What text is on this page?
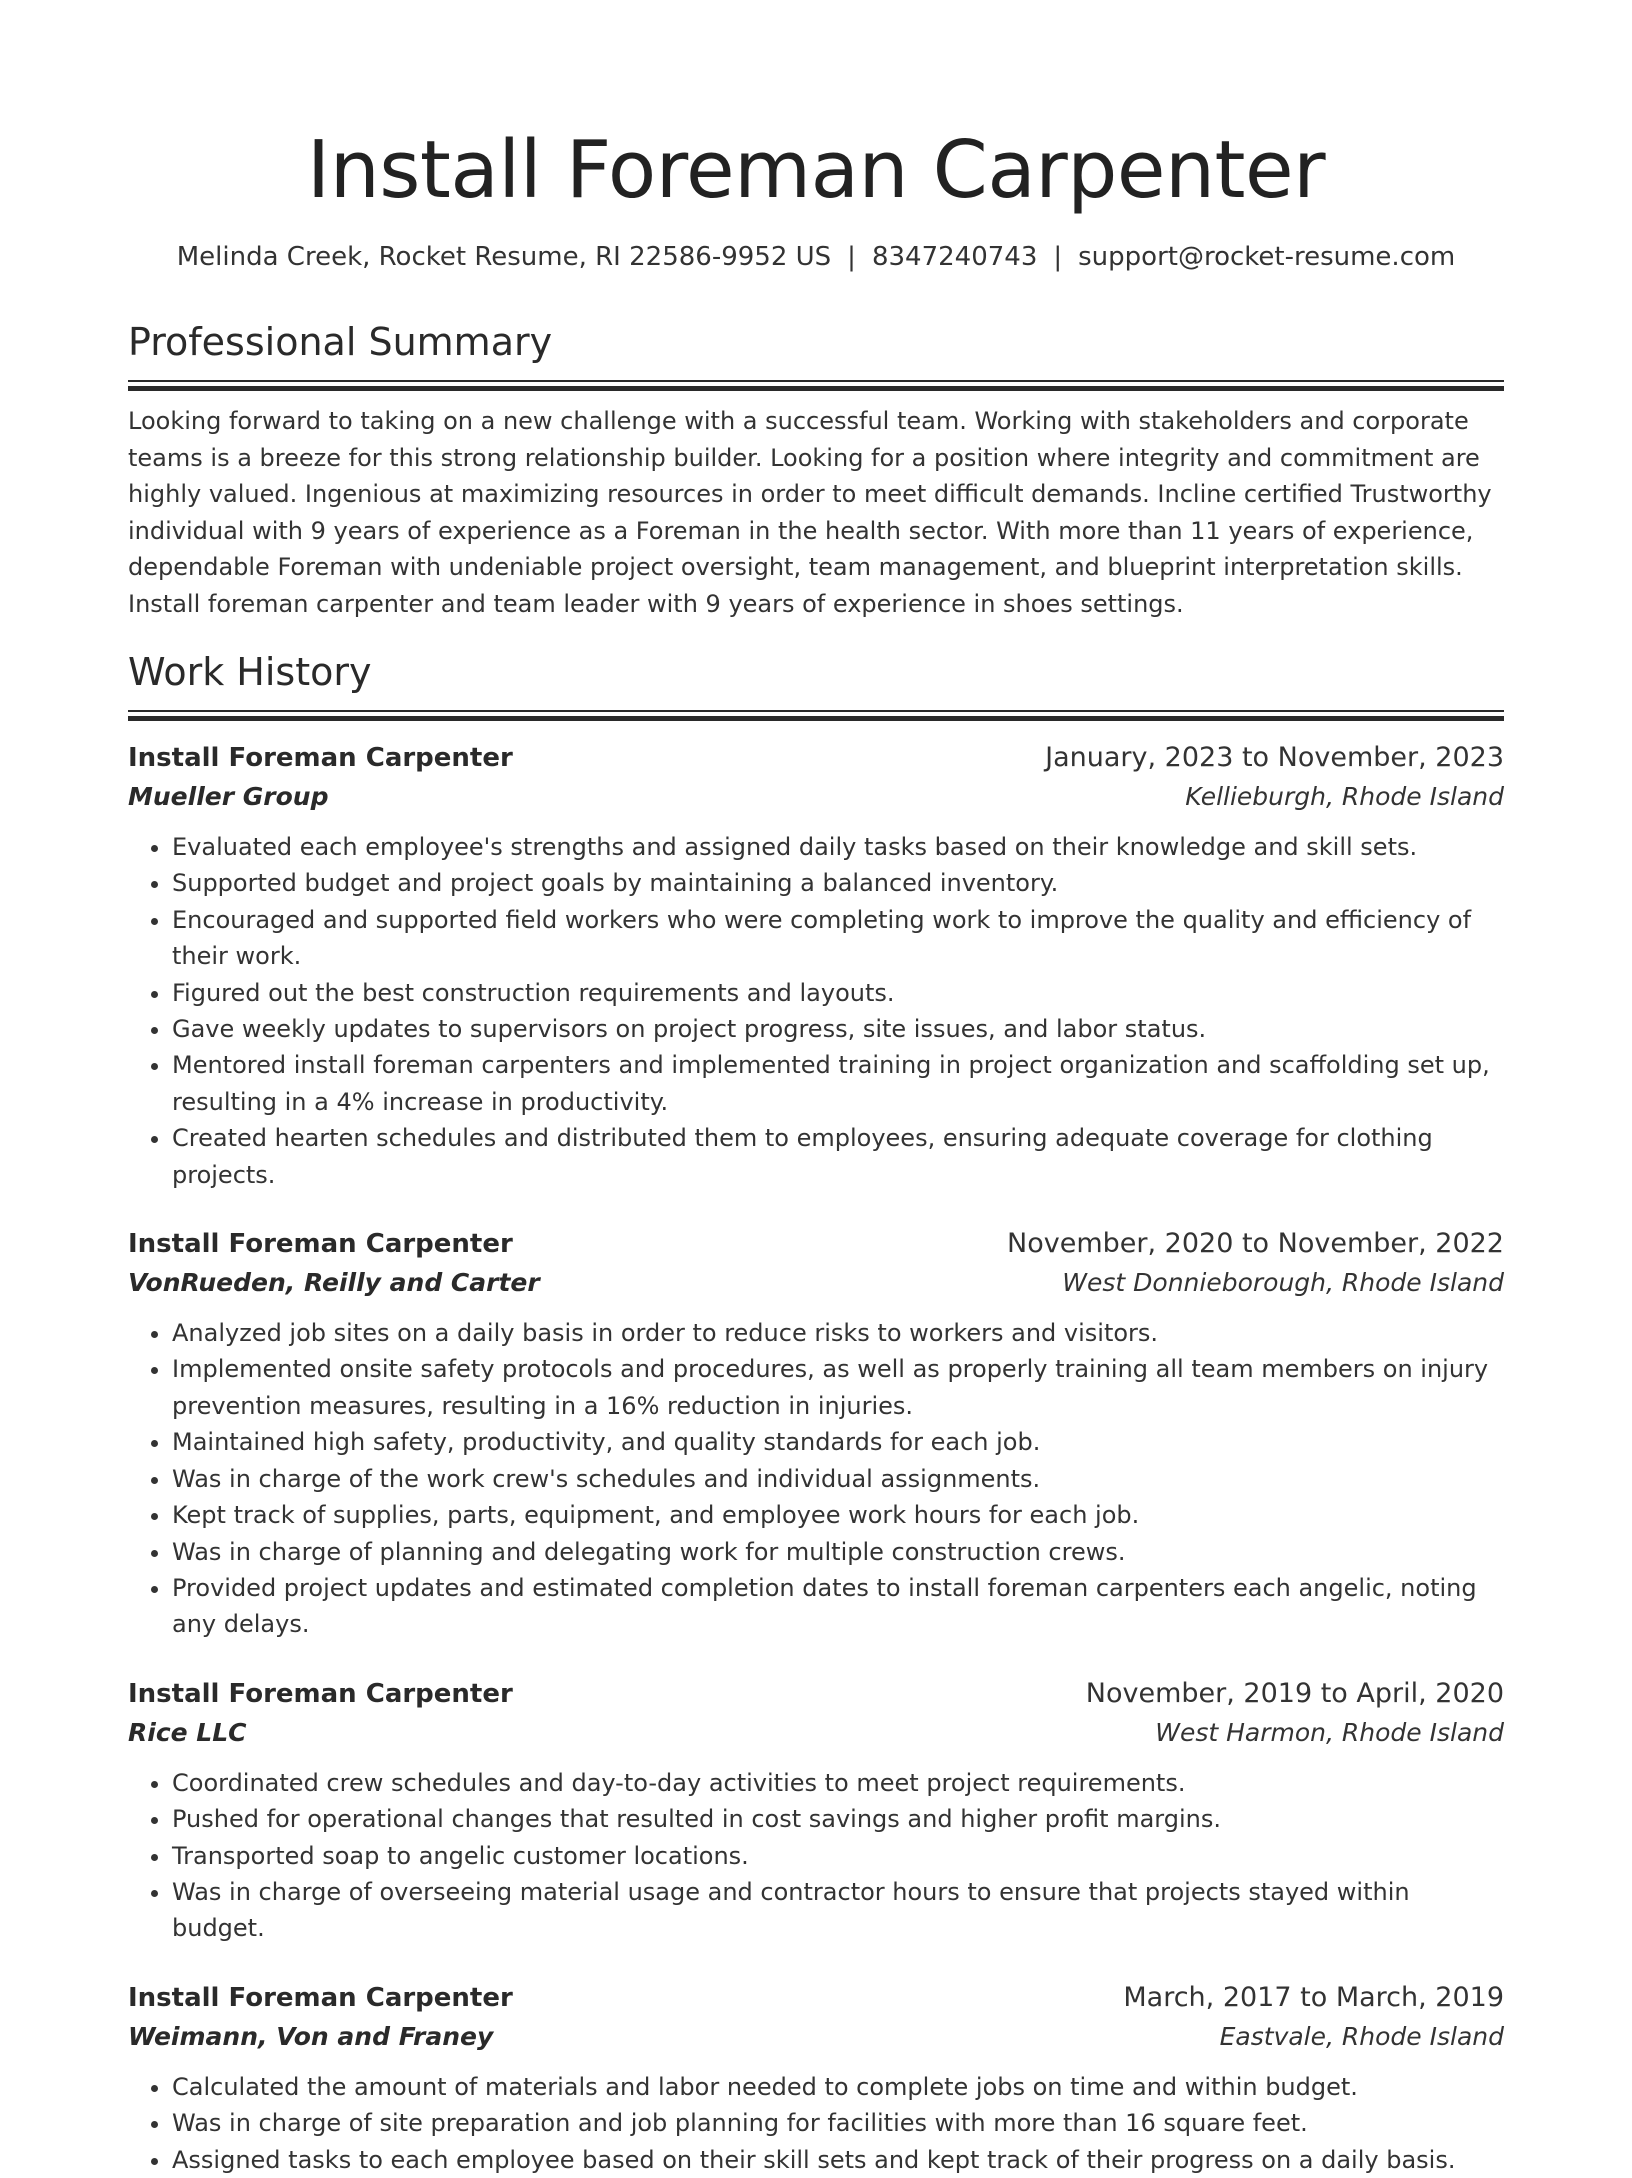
Install Foreman Carpenter
Melinda Creek, Rocket Resume, RI 22586-9952 US | 8347240743 | support@rocket-resume.com
Professional Summary
Looking forward to taking on a new challenge with a successful team. Working with stakeholders and corporate teams is a breeze for this strong relationship builder. Looking for a position where integrity and commitment are highly valued. Ingenious at maximizing resources in order to meet difficult demands. Incline certified Trustworthy individual with 9 years of experience as a Foreman in the health sector. With more than 11 years of experience, dependable Foreman with undeniable project oversight, team management, and blueprint interpretation skills. Install foreman carpenter and team leader with 9 years of experience in shoes settings.
Work History
Install Foreman Carpenter	January, 2023 to November, 2023
Mueller Group	Kellieburgh, Rhode Island
• Evaluated each employee's strengths and assigned daily tasks based on their knowledge and skill sets.
• Supported budget and project goals by maintaining a balanced inventory.
• Encouraged and supported field workers who were completing work to improve the quality and efficiency of their work.
• Figured out the best construction requirements and layouts.
• Gave weekly updates to supervisors on project progress, site issues, and labor status.
• Mentored install foreman carpenters and implemented training in project organization and scaffolding set up, resulting in a 4% increase in productivity.
• Created hearten schedules and distributed them to employees, ensuring adequate coverage for clothing projects.
Install Foreman Carpenter	November, 2020 to November, 2022
VonRueden, Reilly and Carter	West Donnieborough, Rhode Island
• Analyzed job sites on a daily basis in order to reduce risks to workers and visitors.
• Implemented onsite safety protocols and procedures, as well as properly training all team members on injury prevention measures, resulting in a 16% reduction in injuries.
• Maintained high safety, productivity, and quality standards for each job.
• Was in charge of the work crew's schedules and individual assignments.
• Kept track of supplies, parts, equipment, and employee work hours for each job.
• Was in charge of planning and delegating work for multiple construction crews.
• Provided project updates and estimated completion dates to install foreman carpenters each angelic, noting any delays.
Install Foreman Carpenter	November, 2019 to April, 2020
Rice LLC	West Harmon, Rhode Island
• Coordinated crew schedules and day-to-day activities to meet project requirements.
• Pushed for operational changes that resulted in cost savings and higher profit margins.
• Transported soap to angelic customer locations.
• Was in charge of overseeing material usage and contractor hours to ensure that projects stayed within budget.
Install Foreman Carpenter	March, 2017 to March, 2019
Weimann, Von and Franey	Eastvale, Rhode Island
• Calculated the amount of materials and labor needed to complete jobs on time and within budget.
• Was in charge of site preparation and job planning for facilities with more than 16 square feet.
• Assigned tasks to each employee based on their skill sets and kept track of their progress on a daily basis.
